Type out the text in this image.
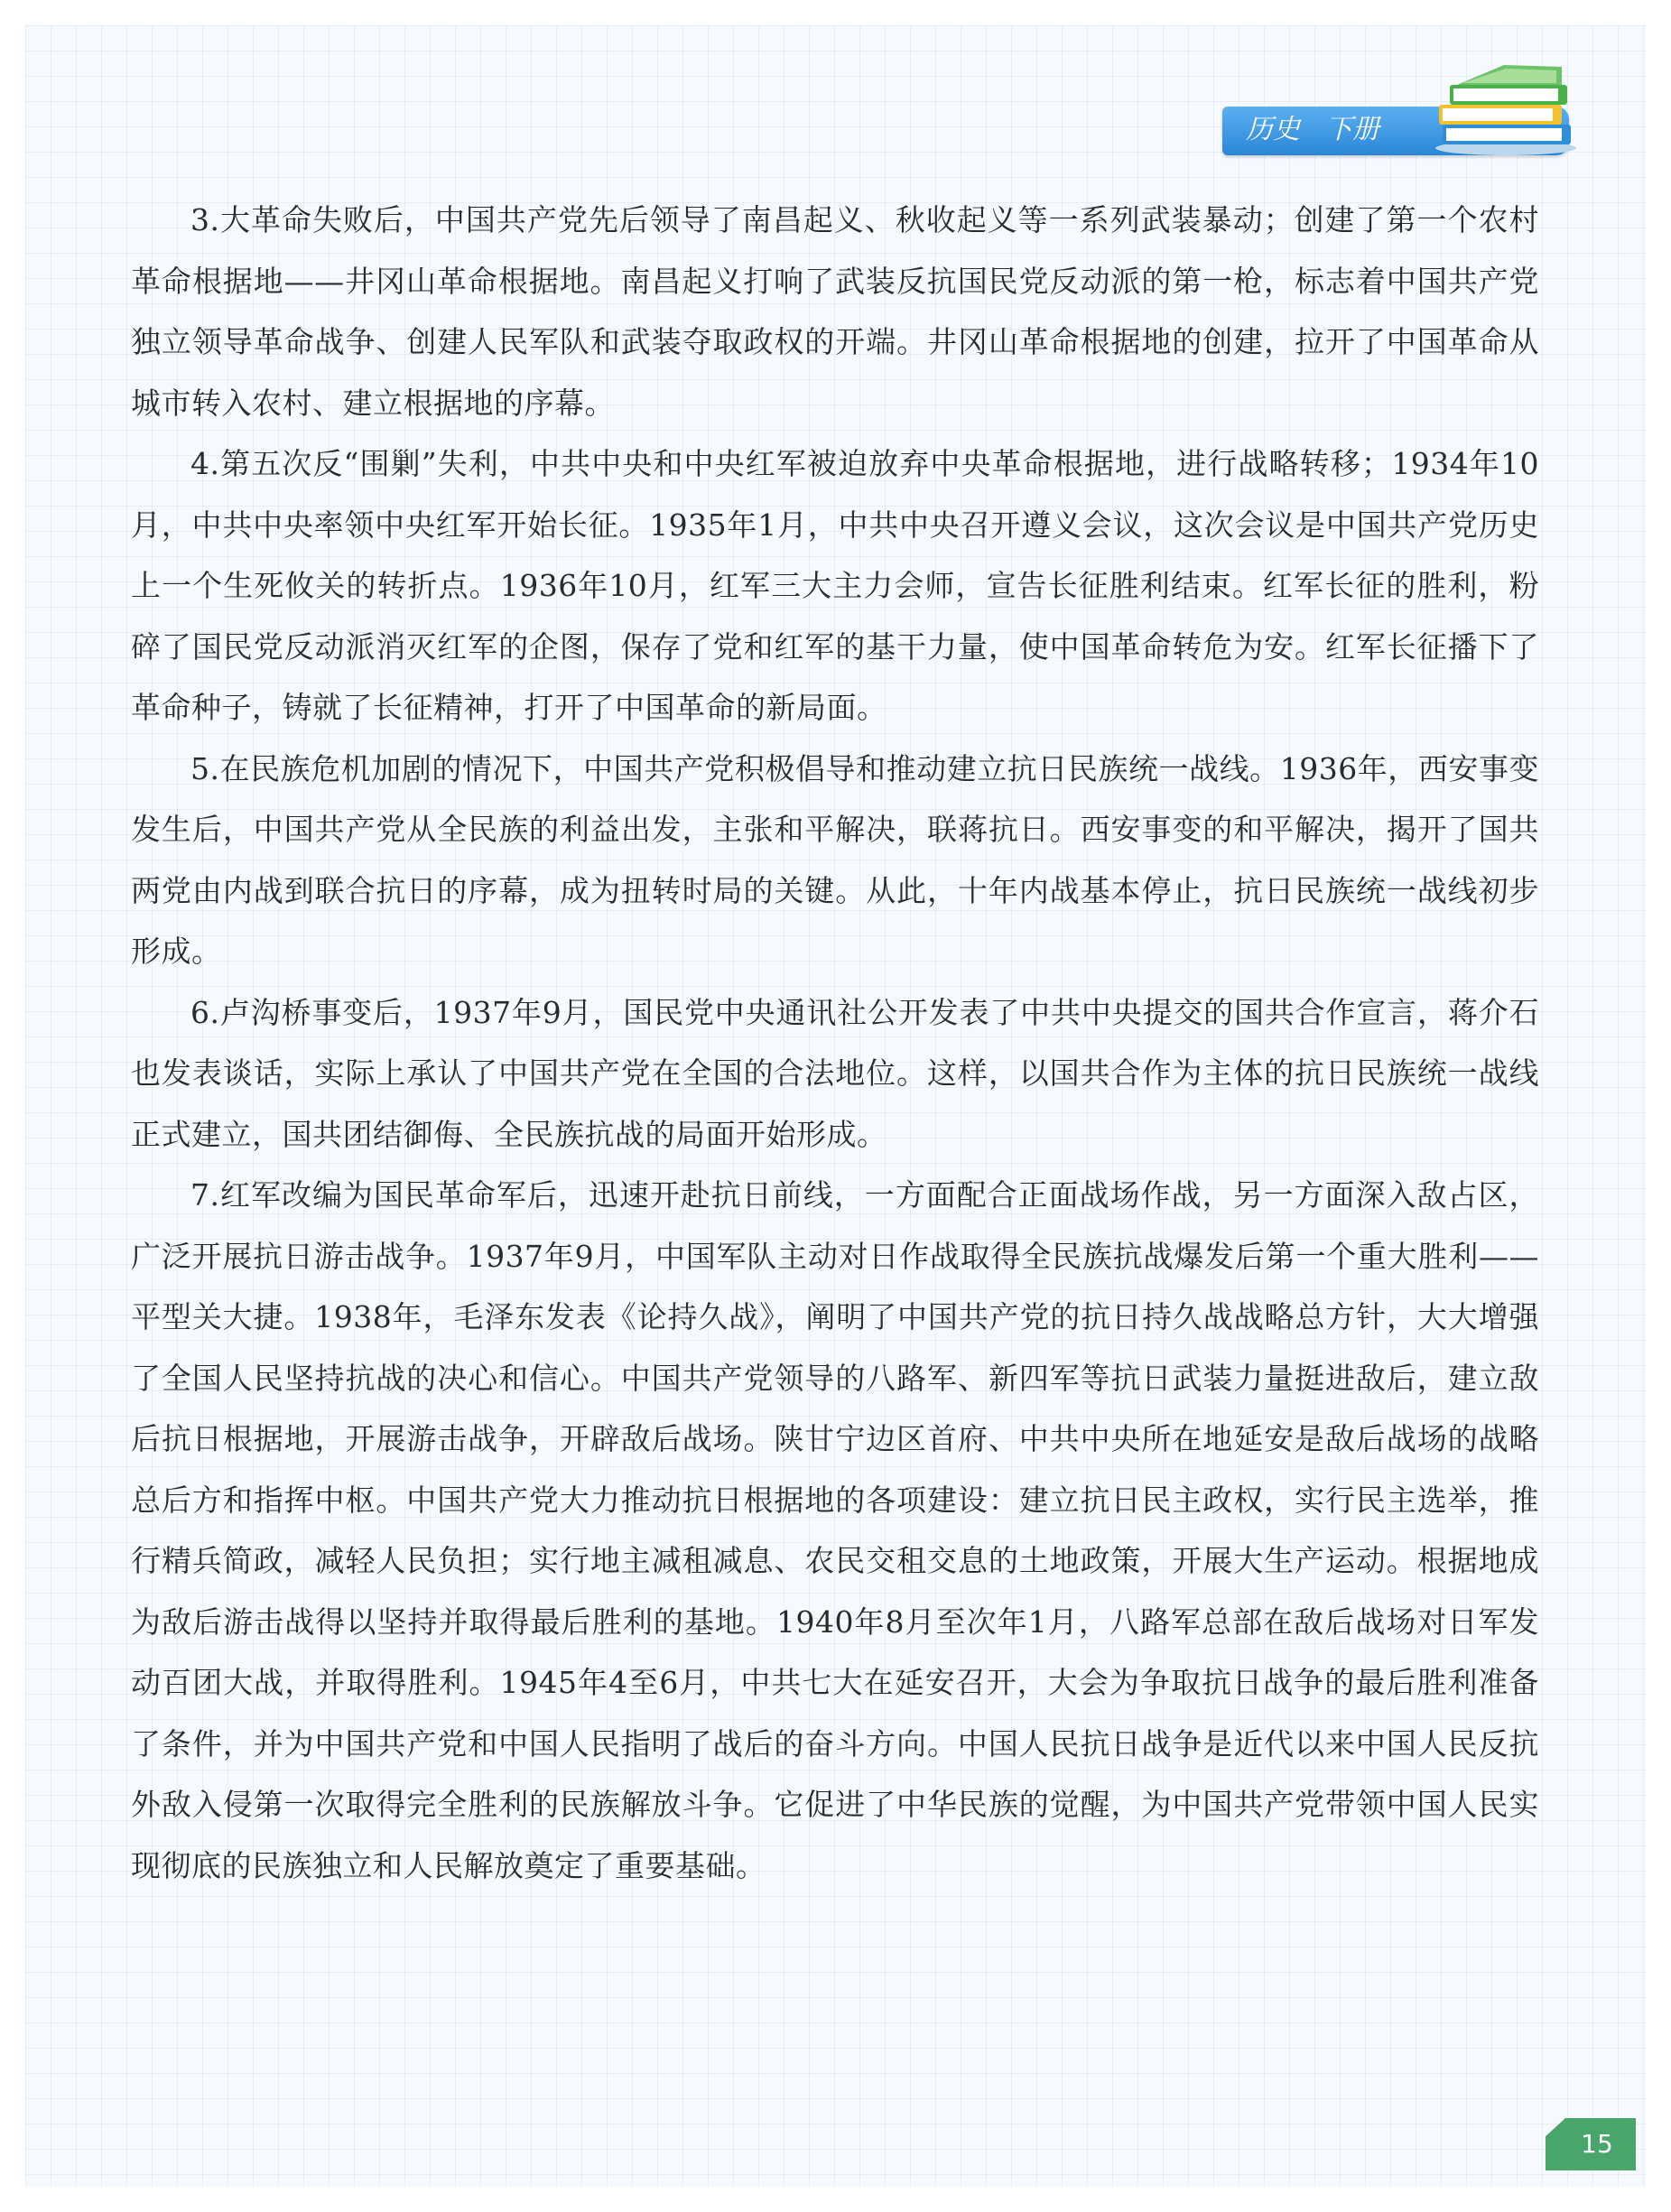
历史 下册

3.大革命失败后，中国共产党先后领导了南昌起义、秋收起义等一系列武装暴动；创建了第一个农村革命根据地——井冈山革命根据地。南昌起义打响了武装反抗国民党反动派的第一枪，标志着中国共产党独立领导革命战争、创建人民军队和武装夺取政权的开端。井冈山革命根据地的创建，拉开了中国革命从城市转入农村、建立根据地的序幕。

4.第五次反“围剿”失利，中共中央和中央红军被迫放弃中央革命根据地，进行战略转移；1934年10月，中共中央率领中央红军开始长征。1935年1月，中共中央召开遵义会议，这次会议是中国共产党历史上一个生死攸关的转折点。1936年10月，红军三大主力会师，宣告长征胜利结束。红军长征的胜利，粉碎了国民党反动派消灭红军的企图，保存了党和红军的基干力量，使中国革命转危为安。红军长征播下了革命种子，铸就了长征精神，打开了中国革命的新局面。

5.在民族危机加剧的情况下，中国共产党积极倡导和推动建立抗日民族统一战线。1936年，西安事变发生后，中国共产党从全民族的利益出发，主张和平解决，联蒋抗日。西安事变的和平解决，揭开了国共两党由内战到联合抗日的序幕，成为扭转时局的关键。从此，十年内战基本停止，抗日民族统一战线初步形成。

6.卢沟桥事变后，1937年9月，国民党中央通讯社公开发表了中共中央提交的国共合作宣言，蒋介石也发表谈话，实际上承认了中国共产党在全国的合法地位。这样，以国共合作为主体的抗日民族统一战线正式建立，国共团结御侮、全民族抗战的局面开始形成。

7.红军改编为国民革命军后，迅速开赴抗日前线，一方面配合正面战场作战，另一方面深入敌占区，广泛开展抗日游击战争。1937年9月，中国军队主动对日作战取得全民族抗战爆发后第一个重大胜利——平型关大捷。1938年，毛泽东发表《论持久战》，阐明了中国共产党的抗日持久战战略总方针，大大增强了全国人民坚持抗战的决心和信心。中国共产党领导的八路军、新四军等抗日武装力量挺进敌后，建立敌后抗日根据地，开展游击战争，开辟敌后战场。陕甘宁边区首府、中共中央所在地延安是敌后战场的战略总后方和指挥中枢。中国共产党大力推动抗日根据地的各项建设：建立抗日民主政权，实行民主选举，推行精兵简政，减轻人民负担；实行地主减租减息、农民交租交息的土地政策，开展大生产运动。根据地成为敌后游击战得以坚持并取得最后胜利的基地。1940年8月至次年1月，八路军总部在敌后战场对日军发动百团大战，并取得胜利。1945年4至6月，中共七大在延安召开，大会为争取抗日战争的最后胜利准备了条件，并为中国共产党和中国人民指明了战后的奋斗方向。中国人民抗日战争是近代以来中国人民反抗外敌入侵第一次取得完全胜利的民族解放斗争。它促进了中华民族的觉醒，为中国共产党带领中国人民实现彻底的民族独立和人民解放奠定了重要基础。

15
